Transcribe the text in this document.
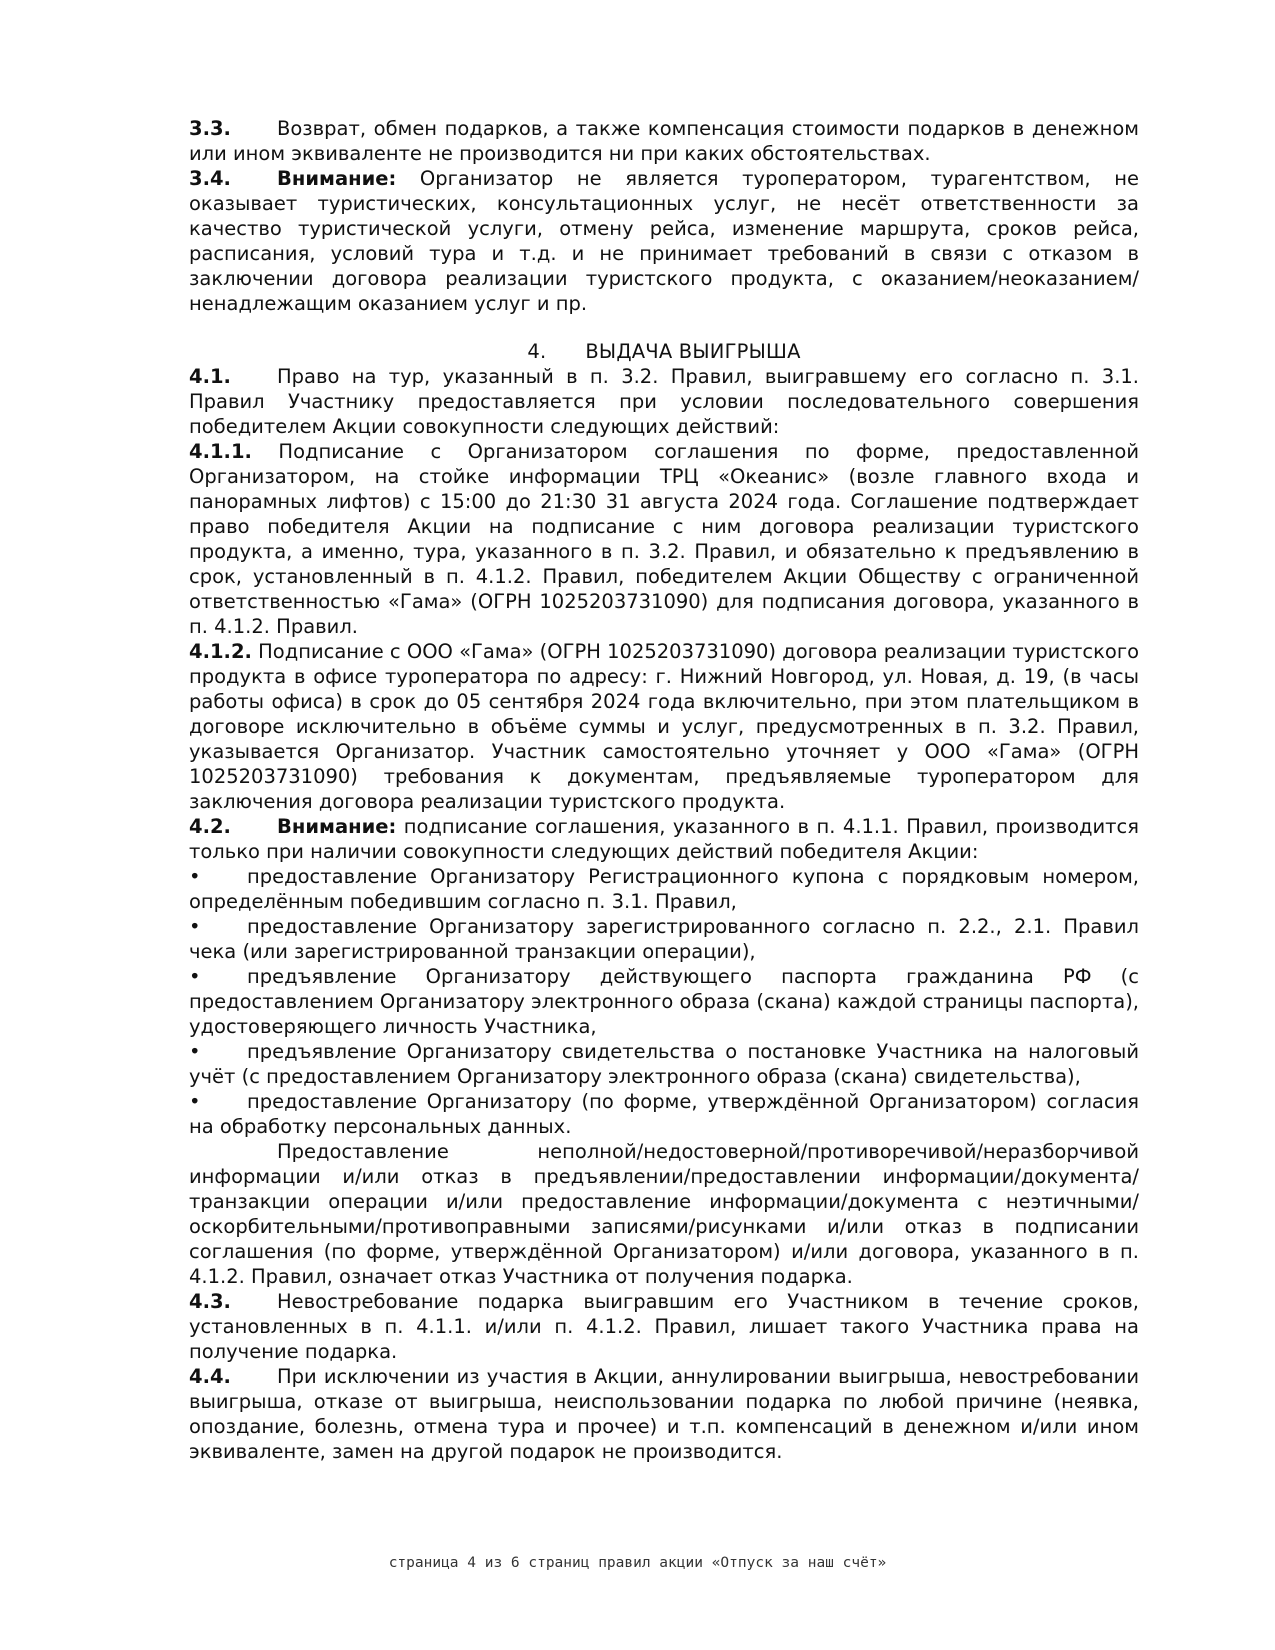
3.3. Возврат, обмен подарков, а также компенсация стоимости подарков в денежном или ином эквиваленте не производится ни при каких обстоятельствах.

3.4. Внимание: Организатор не является туроператором, турагентством, не оказывает туристических, консультационных услуг, не несёт ответственности за качество туристической услуги, отмену рейса, изменение маршрута, сроков рейса, расписания, условий тура и т.д. и не принимает требований в связи с отказом в заключении договора реализации туристского продукта, с оказанием/неоказанием/ ненадлежащим оказанием услуг и пр.

4. ВЫДАЧА ВЫИГРЫША

4.1. Право на тур, указанный в п. 3.2. Правил, выигравшему его согласно п. 3.1. Правил Участнику предоставляется при условии последовательного совершения победителем Акции совокупности следующих действий:

4.1.1. Подписание с Организатором соглашения по форме, предоставленной Организатором, на стойке информации ТРЦ «Океанис» (возле главного входа и панорамных лифтов) с 15:00 до 21:30 31 августа 2024 года. Соглашение подтверждает право победителя Акции на подписание с ним договора реализации туристского продукта, а именно, тура, указанного в п. 3.2. Правил, и обязательно к предъявлению в срок, установленный в п. 4.1.2. Правил, победителем Акции Обществу с ограниченной ответственностью «Гама» (ОГРН 1025203731090) для подписания договора, указанного в п. 4.1.2. Правил.

4.1.2. Подписание с ООО «Гама» (ОГРН 1025203731090) договора реализации туристского продукта в офисе туроператора по адресу: г. Нижний Новгород, ул. Новая, д. 19, (в часы работы офиса) в срок до 05 сентября 2024 года включительно, при этом плательщиком в договоре исключительно в объёме суммы и услуг, предусмотренных в п. 3.2. Правил, указывается Организатор. Участник самостоятельно уточняет у ООО «Гама» (ОГРН 1025203731090) требования к документам, предъявляемые туроператором для заключения договора реализации туристского продукта.

4.2. Внимание: подписание соглашения, указанного в п. 4.1.1. Правил, производится только при наличии совокупности следующих действий победителя Акции:

• предоставление Организатору Регистрационного купона с порядковым номером, определённым победившим согласно п. 3.1. Правил,

• предоставление Организатору зарегистрированного согласно п. 2.2., 2.1. Правил чека (или зарегистрированной транзакции операции),

• предъявление Организатору действующего паспорта гражданина РФ (с предоставлением Организатору электронного образа (скана) каждой страницы паспорта), удостоверяющего личность Участника,

• предъявление Организатору свидетельства о постановке Участника на налоговый учёт (с предоставлением Организатору электронного образа (скана) свидетельства),

• предоставление Организатору (по форме, утверждённой Организатором) согласия на обработку персональных данных.

Предоставление неполной/недостоверной/противоречивой/неразборчивой информации и/или отказ в предъявлении/предоставлении информации/документа/ транзакции операции и/или предоставление информации/документа с неэтичными/оскорбительными/противоправными записями/рисунками и/или отказ в подписании соглашения (по форме, утверждённой Организатором) и/или договора, указанного в п. 4.1.2. Правил, означает отказ Участника от получения подарка.

4.3. Невостребование подарка выигравшим его Участником в течение сроков, установленных в п. 4.1.1. и/или п. 4.1.2. Правил, лишает такого Участника права на получение подарка.

4.4. При исключении из участия в Акции, аннулировании выигрыша, невостребовании выигрыша, отказе от выигрыша, неиспользовании подарка по любой причине (неявка, опоздание, болезнь, отмена тура и прочее) и т.п. компенсаций в денежном и/или ином эквиваленте, замен на другой подарок не производится.

страница 4 из 6 страниц правил акции «Отпуск за наш счёт»
